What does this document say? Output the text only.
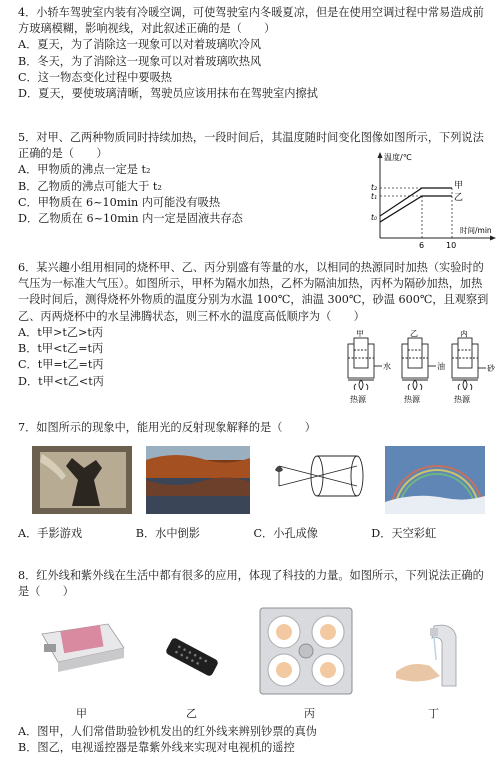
4．小轿车驾驶室内装有冷暖空调，可使驾驶室内冬暖夏凉，但是在使用空调过程中常易造成前方玻璃模糊，影响视线，对此叙述正确的是（　　）
A．夏天，为了消除这一现象可以对着玻璃吹冷风
B．冬天，为了消除这一现象可以对着玻璃吹热风
C．这一物态变化过程中要吸热
D．夏天，要使玻璃清晰，驾驶员应该用抹布在驾驶室内擦拭
5．对甲、乙两种物质同时持续加热，一段时间后，其温度随时间变化图像如图所示，下列说法正确的是（　　）
A．甲物质的沸点一定是 t₂
B．乙物质的沸点可能大于 t₂
C．甲物质在 6~10min 内可能没有吸热
D．乙物质在 6~10min 内一定是固液共存态
温度/℃
时间/min
甲
乙
t₂
t₁
t₀
6	10
6．某兴趣小组用相同的烧杯甲、乙、丙分别盛有等量的水，以相同的热源同时加热（实验时的气压为一标准大气压）。如图所示，甲杯为隔水加热，乙杯为隔油加热，丙杯为隔砂加热，加热一段时间后，测得烧杯外物质的温度分别为水温 100℃，油温 300℃，砂温 600℃，且观察到乙、丙两烧杯中的水呈沸腾状态，则三杯水的温度高低顺序为（　　）
A．t甲>t乙>t丙
B．t甲<t乙=t丙
C．t甲=t乙=t丙
D．t甲<t乙<t丙
甲	乙	丙
水	油	砂
热源	热源	热源
7．如图所示的现象中，能用光的反射现象解释的是（　　）
A．手影游戏	B．水中倒影	C．小孔成像	D．天空彩虹
8．红外线和紫外线在生活中都有很多的应用，体现了科技的力量。如图所示，下列说法正确的是（　　）
甲	乙	丙	丁
A．图甲，人们常借助验钞机发出的红外线来辨别钞票的真伪
B．图乙，电视遥控器是靠紫外线来实现对电视机的遥控
